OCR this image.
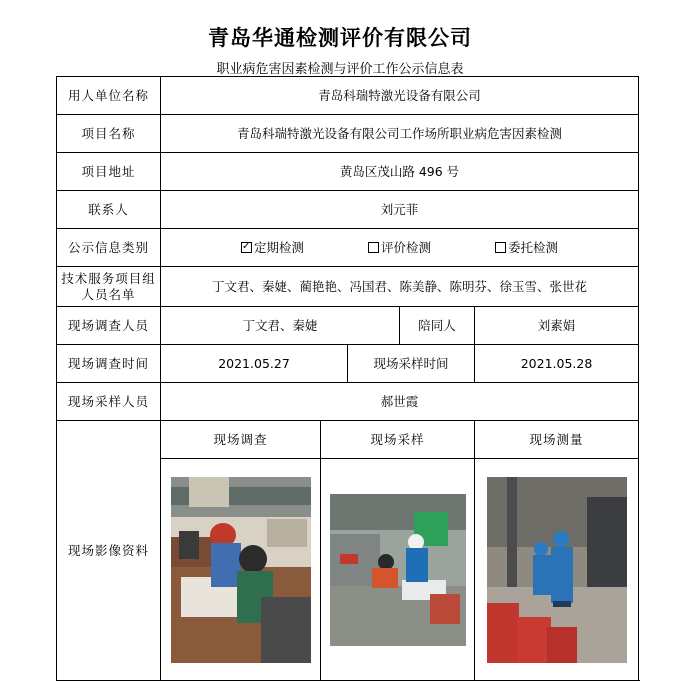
青岛华通检测评价有限公司
职业病危害因素检测与评价工作公示信息表
用人单位名称	青岛科瑞特激光设备有限公司				
项目名称	青岛科瑞特激光设备有限公司工作场所职业病危害因素检测				
项目地址	黄岛区茂山路 496 号				
联系人	刘元菲				
公示信息类别	✓定期检测 评价检测 委托检测
技术服务项目组人员名单	丁文君、秦婕、蔺艳艳、冯国君、陈美静、陈明芬、徐玉雪、张世花				
现场调查人员	丁文君、秦婕			陪同人	刘素娟
现场调查时间	2021.05.27		现场采样时间		2021.05.28
现场采样人员	郝世霞				
现场影像资料	现场调查	现场采样			现场测量
